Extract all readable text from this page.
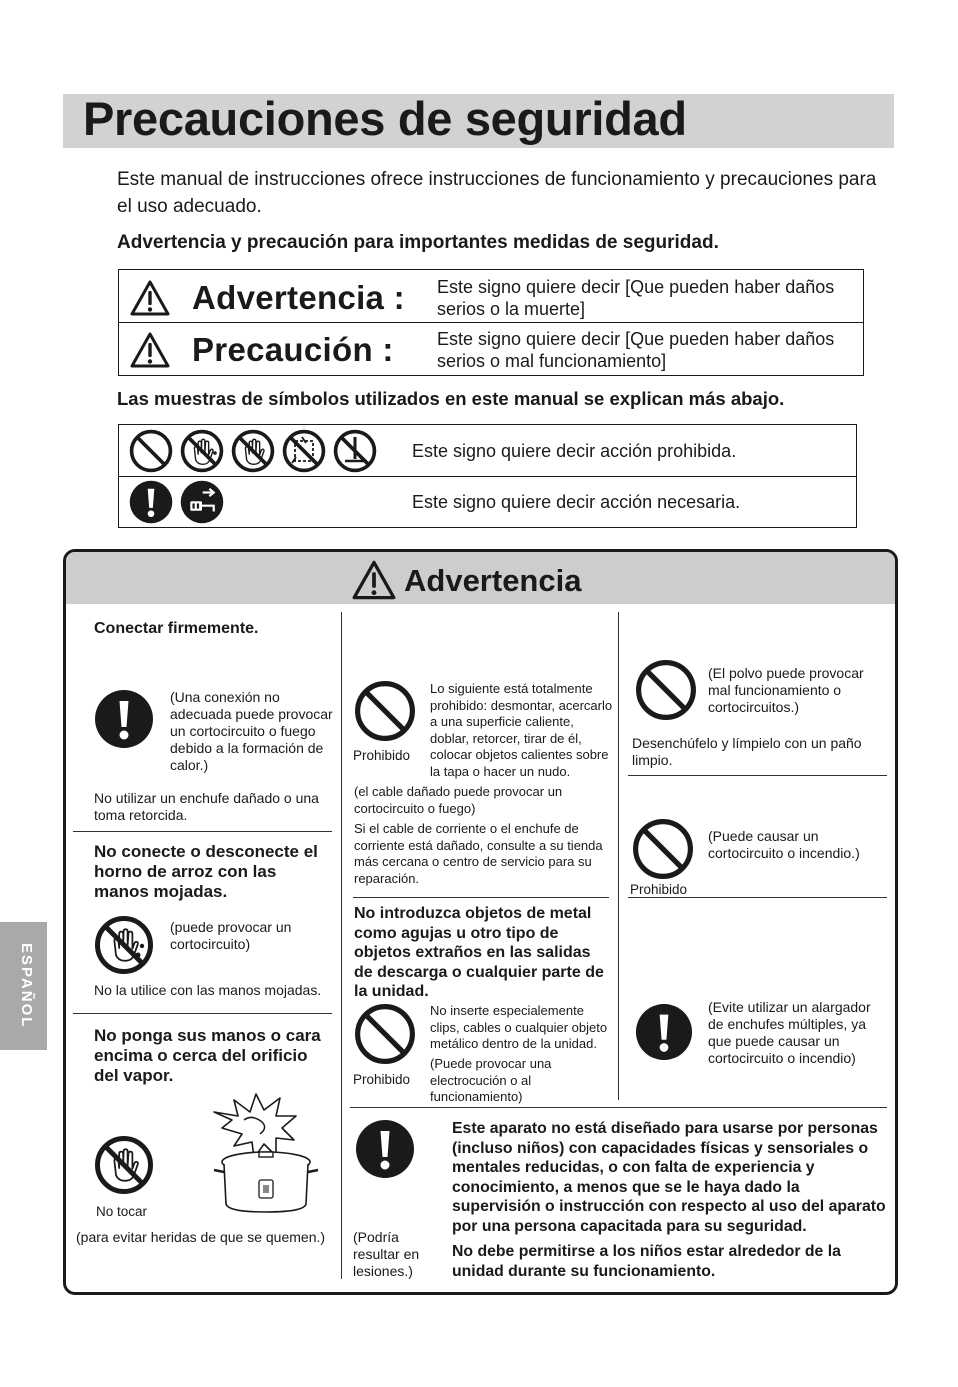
Precauciones de seguridad
Este manual de instrucciones ofrece instrucciones de funcionamiento y precauciones para el uso adecuado.
Advertencia y precaución para importantes medidas de seguridad.
Advertencia : Este signo quiere decir [Que pueden haber daños serios o la muerte]
Precaución : Este signo quiere decir [Que pueden haber daños serios o mal funcionamiento]
Las muestras de símbolos utilizados en este manual se explican más abajo.
Este signo quiere decir acción prohibida.
Este signo quiere decir acción necesaria.
ESPAÑOL
Advertencia
Conectar firmemente.
(Una conexión no adecuada puede provocar un cortocircuito o fuego debido a la formación de calor.)
No utilizar un enchufe dañado o una toma retorcida.
No conecte o desconecte el horno de arroz con las manos mojadas.
(puede provocar un cortocircuito)
No la utilice con las manos mojadas.
No ponga sus manos o cara encima o cerca del orificio del vapor.
No tocar
(para evitar heridas de que se quemen.)
Prohibido
Lo siguiente está totalmente prohibido: desmontar, acercarlo a una superficie caliente, doblar, retorcer, tirar de él, colocar objetos calientes sobre la tapa o hacer un nudo.
(el cable dañado puede provocar un cortocircuito o fuego)
Si el cable de corriente o el enchufe de corriente está dañado, consulte a su tienda más cercana o centro de servicio para su reparación.
No introduzca objetos de metal como agujas u otro tipo de objetos extraños en las salidas de descarga o cualquier parte de la unidad.
Prohibido
No inserte especialemente clips, cables o cualquier objeto metálico dentro de la unidad.
(Puede provocar una electrocución o al funcionamiento)
(El polvo puede provocar mal funcionamiento o cortocircuitos.)
Desenchúfelo y límpielo con un paño limpio.
Prohibido
(Puede causar un cortocircuito o incendio.)
(Evite utilizar un alargador de enchufes múltiples, ya que puede causar un cortocircuito o incendio)
(Podría resultar en lesiones.)
Este aparato no está diseñado para usarse por personas (incluso niños) con capacidades físicas y sensoriales o mentales reducidas, o con falta de experiencia y conocimiento, a menos que se le haya dado la supervisión o instrucción con respecto al uso del aparato por una persona capacitada para su seguridad.
No debe permitirse a los niños estar alrededor de la unidad durante su funcionamiento.
